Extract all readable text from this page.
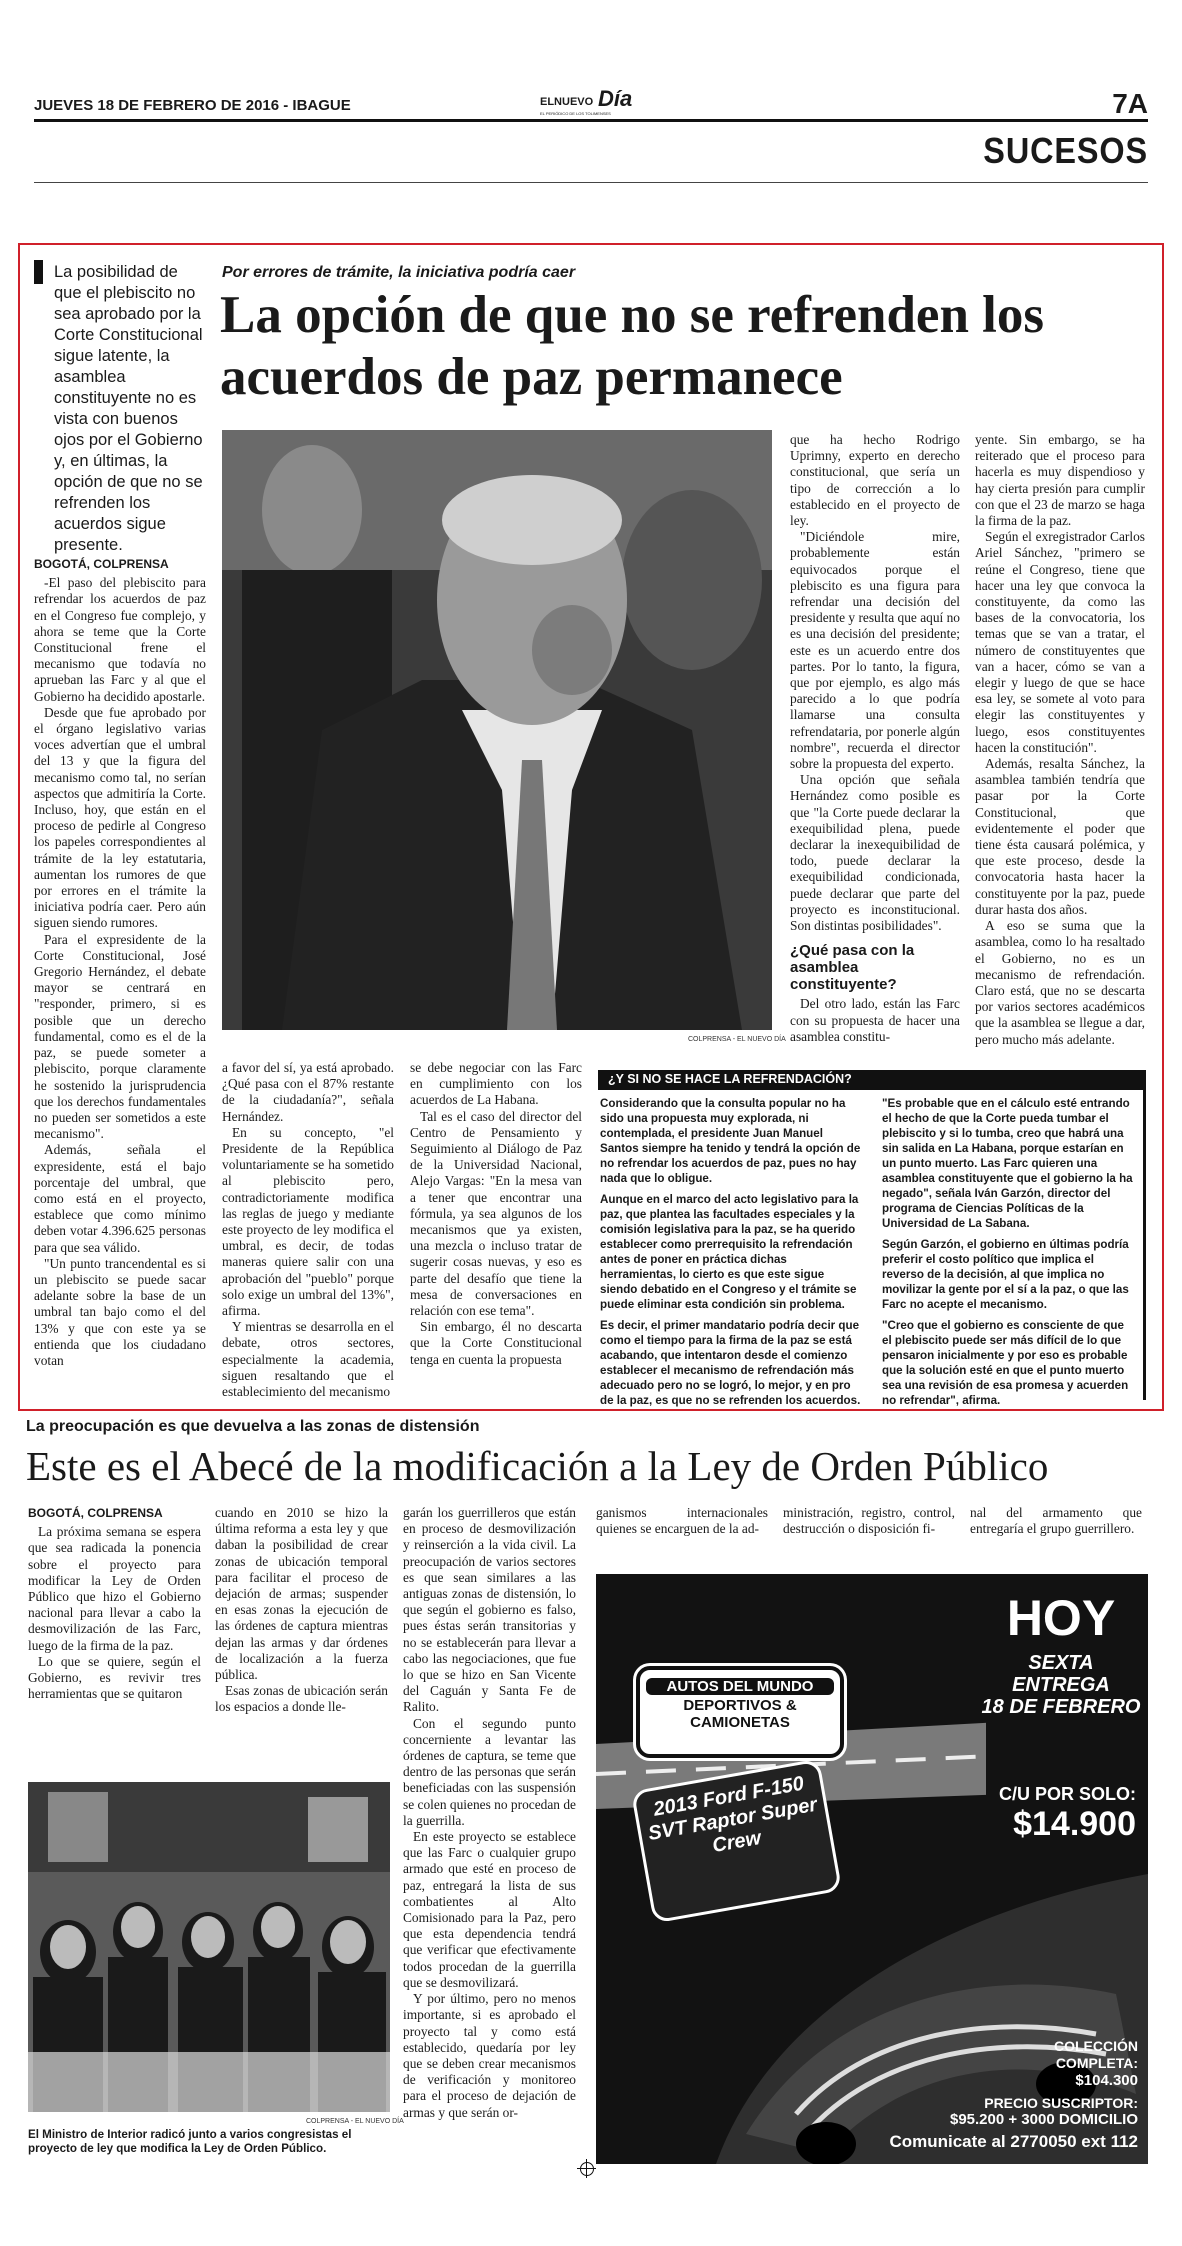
JUEVES 18 DE FEBRERO DE 2016 - IBAGUE	ELNUEVO Día
EL PERIÓDICO DE LOS TOLIMENSES	7A
SUCESOS
La posibilidad de que el plebiscito no sea aprobado por la Corte Constitucional sigue latente, la asamblea constituyente no es vista con buenos ojos por el Gobierno y, en últimas, la opción de que no se refrenden los acuerdos sigue presente.
Por errores de trámite, la iniciativa podría caer
La opción de que no se refrenden los acuerdos de paz permanece
COLPRENSA - EL NUEVO DÍA
BOGOTÁ, COLPRENSA

-El paso del plebiscito para refrendar los acuerdos de paz en el Congreso fue complejo, y ahora se teme que la Corte Constitucional frene el mecanismo que todavía no aprueban las Farc y al que el Gobierno ha decidido apostarle.

Desde que fue aprobado por el órgano legislativo varias voces advertían que el umbral del 13 y que la figura del mecanismo como tal, no serían aspectos que admitiría la Corte. Incluso, hoy, que están en el proceso de pedirle al Congreso los papeles correspondientes al trámite de la ley estatutaria, aumentan los rumores de que por errores en el trámite la iniciativa podría caer. Pero aún siguen siendo rumores.

Para el expresidente de la Corte Constitucional, José Gregorio Hernández, el debate mayor se centrará en "responder, primero, si es posible que un derecho fundamental, como es el de la paz, se puede someter a plebiscito, porque claramente he sostenido la jurisprudencia que los derechos fundamentales no pueden ser sometidos a este mecanismo".

Además, señala el expresidente, está el bajo porcentaje del umbral, que como está en el proyecto, establece que como mínimo deben votar 4.396.625 personas para que sea válido.

"Un punto trancendental es si un plebiscito se puede sacar adelante sobre la base de un umbral tan bajo como el del 13% y que con este ya se entienda que los ciudadano votan

a favor del sí, ya está aprobado. ¿Qué pasa con el 87% restante de la ciudadanía?", señala Hernández.

En su concepto, "el Presidente de la República voluntariamente se ha sometido al plebiscito pero, contradictoriamente modifica las reglas de juego y mediante este proyecto de ley modifica el umbral, es decir, de todas maneras quiere salir con una aprobación del "pueblo" porque solo exige un umbral del 13%", afirma.

Y mientras se desarrolla en el debate, otros sectores, especialmente la academia, siguen resaltando que el establecimiento del mecanismo

se debe negociar con las Farc en cumplimiento con los acuerdos de La Habana.

Tal es el caso del director del Centro de Pensamiento y Seguimiento al Diálogo de Paz de la Universidad Nacional, Alejo Vargas: "En la mesa van a tener que encontrar una fórmula, ya sea algunos de los mecanismos que ya existen, una mezcla o incluso tratar de sugerir cosas nuevas, y eso es parte del desafío que tiene la mesa de conversaciones en relación con ese tema".

Sin embargo, él no descarta que la Corte Constitucional tenga en cuenta la propuesta

que ha hecho Rodrigo Uprimny, experto en derecho constitucional, que sería un tipo de corrección a lo establecido en el proyecto de ley.

"Diciéndole mire, probablemente están equivocados porque el plebiscito es una figura para refrendar una decisión del presidente y resulta que aquí no es una decisión del presidente; este es un acuerdo entre dos partes. Por lo tanto, la figura, que por ejemplo, es algo más parecido a lo que podría llamarse una consulta refrendataria, por ponerle algún nombre", recuerda el director sobre la propuesta del experto.

Una opción que señala Hernández como posible es que "la Corte puede declarar la exequibilidad plena, puede declarar la inexequibilidad de todo, puede declarar la exequibilidad condicionada, puede declarar que parte del proyecto es inconstitucional. Son distintas posibilidades".

¿Qué pasa con la asamblea constituyente?

Del otro lado, están las Farc con su propuesta de hacer una asamblea constitu-

yente. Sin embargo, se ha reiterado que el proceso para hacerla es muy dispendioso y hay cierta presión para cumplir con que el 23 de marzo se haga la firma de la paz.

Según el exregistrador Carlos Ariel Sánchez, "primero se reúne el Congreso, tiene que hacer una ley que convoca la constituyente, da como las bases de la convocatoria, los temas que se van a tratar, el número de constituyentes que van a hacer, cómo se van a elegir y luego de que se hace esa ley, se somete al voto para elegir las constituyentes y luego, esos constituyentes hacen la constitución".

Además, resalta Sánchez, la asamblea también tendría que pasar por la Corte Constitucional, que evidentemente el poder que tiene ésta causará polémica, y que este proceso, desde la convocatoria hasta hacer la constituyente por la paz, puede durar hasta dos años.

A eso se suma que la asamblea, como lo ha resaltado el Gobierno, no es un mecanismo de refrendación. Claro está, que no se descarta por varios sectores académicos que la asamblea se llegue a dar, pero mucho más adelante.

¿Y SI NO SE HACE LA REFRENDACIÓN?

Considerando que la consulta popular no ha sido una propuesta muy explorada, ni contemplada, el presidente Juan Manuel Santos siempre ha tenido y tendrá la opción de no refrendar los acuerdos de paz, pues no hay nada que lo obligue.

Aunque en el marco del acto legislativo para la paz, que plantea las facultades especiales y la comisión legislativa para la paz, se ha querido establecer como prerrequisito la refrendación antes de poner en práctica dichas herramientas, lo cierto es que este sigue siendo debatido en el Congreso y el trámite se puede eliminar esta condición sin problema.

Es decir, el primer mandatario podría decir que como el tiempo para la firma de la paz se está acabando, que intentaron desde el comienzo establecer el mecanismo de refrendación más adecuado pero no se logró, lo mejor, y en pro de la paz, es que no se refrenden los acuerdos.

"Es probable que en el cálculo esté entrando el hecho de que la Corte pueda tumbar el plebiscito y si lo tumba, creo que habrá una sin salida en La Habana, porque estarían en un punto muerto. Las Farc quieren una asamblea constituyente que el gobierno la ha negado", señala Iván Garzón, director del programa de Ciencias Políticas de la Universidad de La Sabana.

Según Garzón, el gobierno en últimas podría preferir el costo político que implica el reverso de la decisión, al que implica no movilizar la gente por el sí a la paz, o que las Farc no acepte el mecanismo.

"Creo que el gobierno es consciente de que el plebiscito puede ser más difícil de lo que pensaron inicialmente y por eso es probable que la solución esté en que el punto muerto sea una revisión de esa promesa y acuerden no refrendar", afirma.

La preocupación es que devuelva a las zonas de distensión
Este es el Abecé de la modificación a la Ley de Orden Público
BOGOTÁ, COLPRENSA

La próxima semana se espera que sea radicada la ponencia sobre el proyecto para modificar la Ley de Orden Público que hizo el Gobierno nacional para llevar a cabo la desmovilización de las Farc, luego de la firma de la paz.

Lo que se quiere, según el Gobierno, es revivir tres herramientas que se quitaron

cuando en 2010 se hizo la última reforma a esta ley y que daban la posibilidad de crear zonas de ubicación temporal para facilitar el proceso de dejación de armas; suspender en esas zonas la ejecución de las órdenes de captura mientras dejan las armas y dar órdenes de localización a la fuerza pública.

Esas zonas de ubicación serán los espacios a donde lle-

garán los guerrilleros que están en proceso de desmovilización y reinserción a la vida civil. La preocupación de varios sectores es que sean similares a las antiguas zonas de distensión, lo que según el gobierno es falso, pues éstas serán transitorias y no se establecerán para llevar a cabo las negociaciones, que fue lo que se hizo en San Vicente del Caguán y Santa Fe de Ralito.

Con el segundo punto concerniente a levantar las órdenes de captura, se teme que dentro de las personas que serán beneficiadas con las suspensión se colen quienes no procedan de la guerrilla.

En este proyecto se establece que las Farc o cualquier grupo armado que esté en proceso de paz, entregará la lista de sus combatientes al Alto Comisionado para la Paz, pero que esta dependencia tendrá que verificar que efectivamente todos procedan de la guerrilla que se desmovilizará.

Y por último, pero no menos importante, si es aprobado el proyecto tal y como está establecido, quedaría por ley que se deben crear mecanismos de verificación y monitoreo para el proceso de dejación de armas y que serán or-

ganismos internacionales quienes se encarguen de la ad-

ministración, registro, control, destrucción o disposición fi-

nal del armamento que entregaría el grupo guerrillero.

COLPRENSA - EL NUEVO DÍA
El Ministro de Interior radicó junto a varios congresistas el proyecto de ley que modifica la Ley de Orden Público.
AUTOS DEL MUNDO
DEPORTIVOS &
CAMIONETAS
2013 Ford F-150 SVT Raptor Super Crew
HOY
SEXTA
ENTREGA
18 DE FEBRERO
C/U POR SOLO:
$14.900
COLECCIÓN COMPLETA:
$104.300
PRECIO SUSCRIPTOR:
$95.200 + 3000 DOMICILIO
Comunicate al 2770050 ext 112
